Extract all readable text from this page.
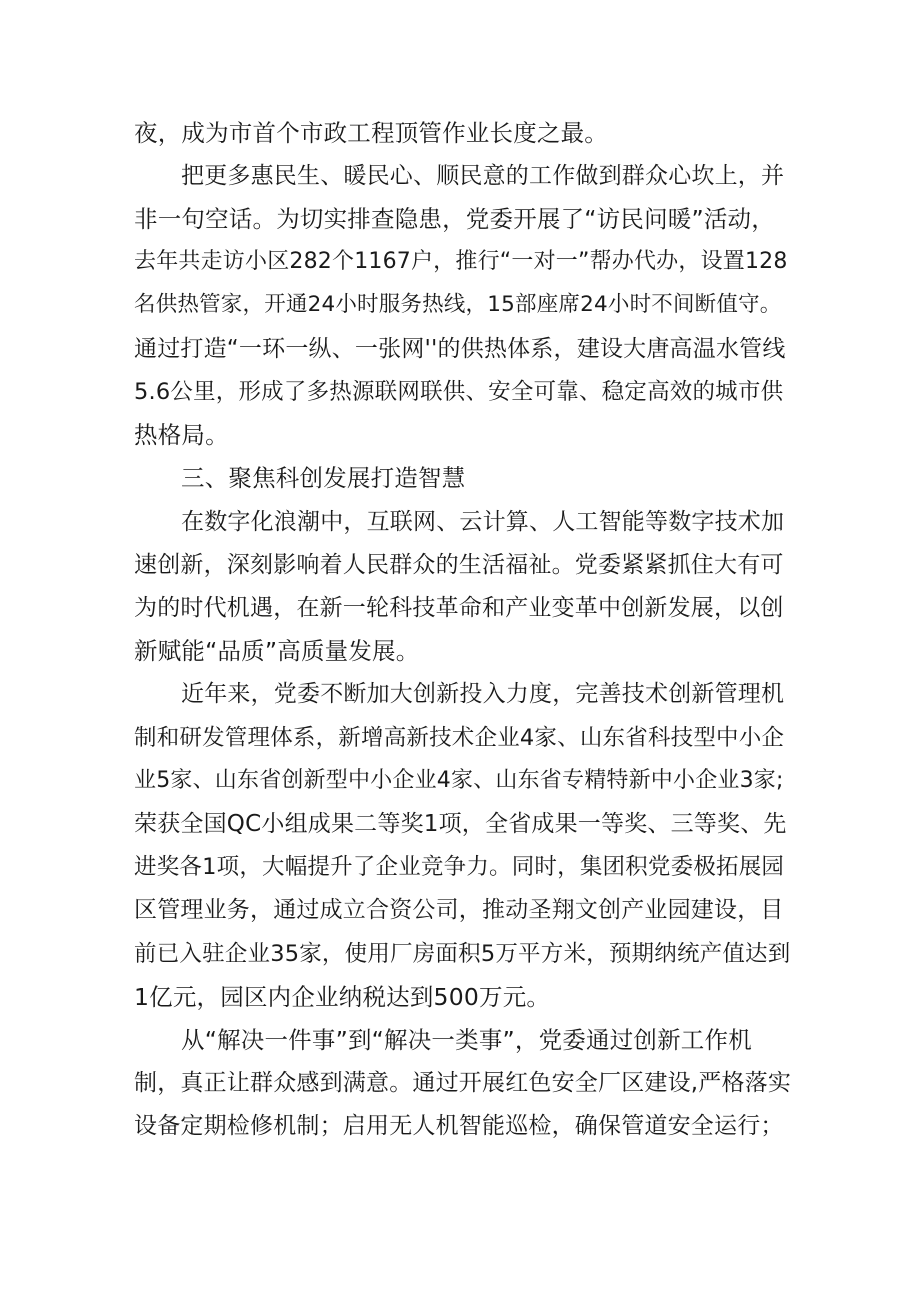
夜，成为市首个市政工程顶管作业长度之最。
把更多惠民生、暖民心、顺民意的工作做到群众心坎上，并
非一句空话。为切实排查隐患，党委开展了“访民问暖”活动，
去年共走访小区282个1167户，推行“一对一”帮办代办，设置128
名供热管家，开通24小时服务热线，15部座席24小时不间断值守。
通过打造“一环一纵、一张网''的供热体系，建设大唐高温水管线
5.6公里，形成了多热源联网联供、安全可靠、稳定高效的城市供
热格局。
三、聚焦科创发展打造智慧
在数字化浪潮中，互联网、云计算、人工智能等数字技术加
速创新，深刻影响着人民群众的生活福祉。党委紧紧抓住大有可
为的时代机遇，在新一轮科技革命和产业变革中创新发展，以创
新赋能“品质”高质量发展。
近年来，党委不断加大创新投入力度，完善技术创新管理机
制和研发管理体系，新增高新技术企业4家、山东省科技型中小企
业5家、山东省创新型中小企业4家、山东省专精特新中小企业3家;
荣获全国QC小组成果二等奖1项，全省成果一等奖、三等奖、先
进奖各1项，大幅提升了企业竞争力。同时，集团积党委极拓展园
区管理业务，通过成立合资公司，推动圣翔文创产业园建设，目
前已入驻企业35家，使用厂房面积5万平方米，预期纳统产值达到
1亿元，园区内企业纳税达到500万元。
从“解决一件事”到“解决一类事”，党委通过创新工作机
制，真正让群众感到满意。通过开展红色安全厂区建设,严格落实
设备定期检修机制；启用无人机智能巡检，确保管道安全运行；
